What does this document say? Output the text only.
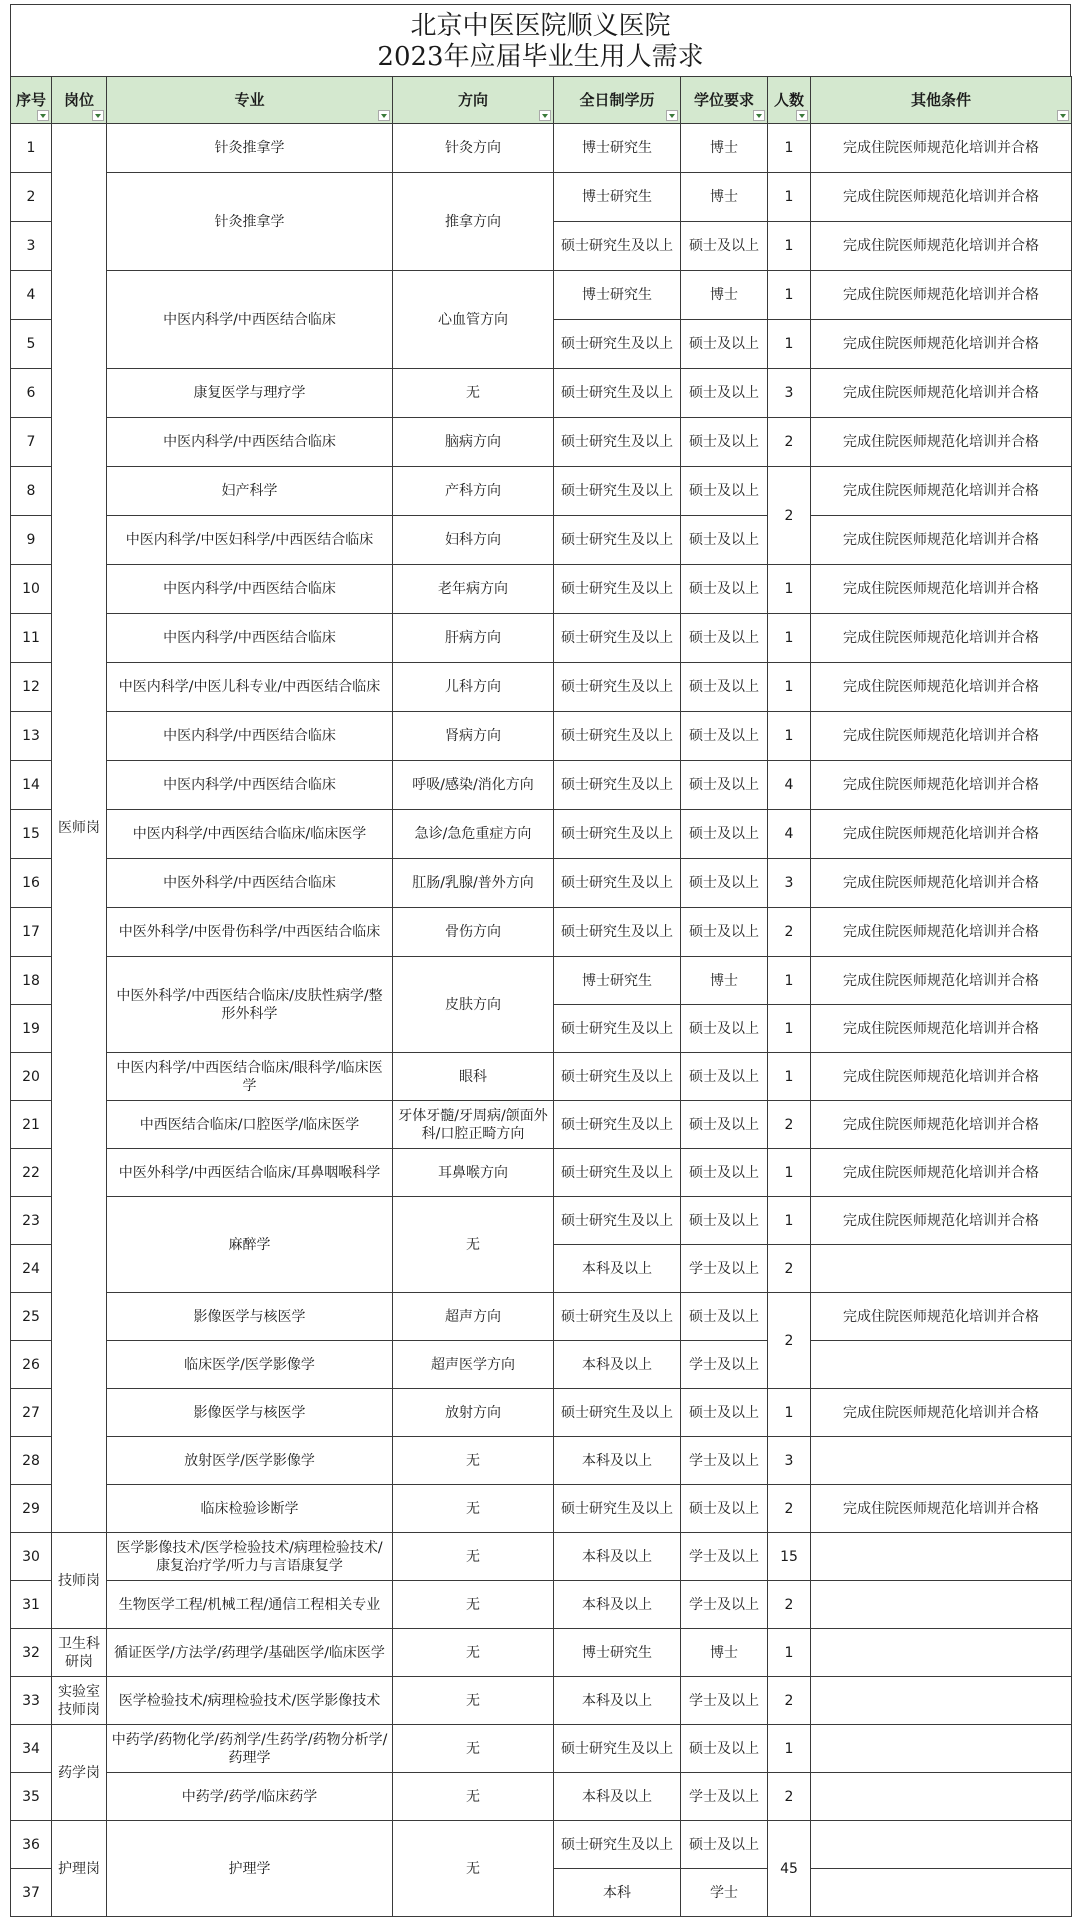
北京中医医院顺义医院
2023年应届毕业生用人需求
序号	岗位	专业	方向	全日制学历	学位要求	人数	其他条件

1	医师岗	针灸推拿学	针灸方向	博士研究生	博士	1	完成住院医师规范化培训并合格
2		针灸推拿学	推拿方向	博士研究生	博士	1	完成住院医师规范化培训并合格
3				硕士研究生及以上	硕士及以上	1	完成住院医师规范化培训并合格
4		中医内科学/中西医结合临床	心血管方向	博士研究生	博士	1	完成住院医师规范化培训并合格
5				硕士研究生及以上	硕士及以上	1	完成住院医师规范化培训并合格
6		康复医学与理疗学	无	硕士研究生及以上	硕士及以上	3	完成住院医师规范化培训并合格
7		中医内科学/中西医结合临床	脑病方向	硕士研究生及以上	硕士及以上	2	完成住院医师规范化培训并合格
8		妇产科学	产科方向	硕士研究生及以上	硕士及以上	2	完成住院医师规范化培训并合格
9		中医内科学/中医妇科学/中西医结合临床	妇科方向	硕士研究生及以上	硕士及以上		完成住院医师规范化培训并合格
10		中医内科学/中西医结合临床	老年病方向	硕士研究生及以上	硕士及以上	1	完成住院医师规范化培训并合格
11		中医内科学/中西医结合临床	肝病方向	硕士研究生及以上	硕士及以上	1	完成住院医师规范化培训并合格
12		中医内科学/中医儿科专业/中西医结合临床	儿科方向	硕士研究生及以上	硕士及以上	1	完成住院医师规范化培训并合格
13		中医内科学/中西医结合临床	肾病方向	硕士研究生及以上	硕士及以上	1	完成住院医师规范化培训并合格
14		中医内科学/中西医结合临床	呼吸/感染/消化方向	硕士研究生及以上	硕士及以上	4	完成住院医师规范化培训并合格
15		中医内科学/中西医结合临床/临床医学	急诊/急危重症方向	硕士研究生及以上	硕士及以上	4	完成住院医师规范化培训并合格
16		中医外科学/中西医结合临床	肛肠/乳腺/普外方向	硕士研究生及以上	硕士及以上	3	完成住院医师规范化培训并合格
17		中医外科学/中医骨伤科学/中西医结合临床	骨伤方向	硕士研究生及以上	硕士及以上	2	完成住院医师规范化培训并合格
18		中医外科学/中西医结合临床/皮肤性病学/整形外科学	皮肤方向	博士研究生	博士	1	完成住院医师规范化培训并合格
19				硕士研究生及以上	硕士及以上	1	完成住院医师规范化培训并合格
20		中医内科学/中西医结合临床/眼科学/临床医学	眼科	硕士研究生及以上	硕士及以上	1	完成住院医师规范化培训并合格
21		中西医结合临床/口腔医学/临床医学	牙体牙髓/牙周病/颌面外科/口腔正畸方向	硕士研究生及以上	硕士及以上	2	完成住院医师规范化培训并合格
22		中医外科学/中西医结合临床/耳鼻咽喉科学	耳鼻喉方向	硕士研究生及以上	硕士及以上	1	完成住院医师规范化培训并合格
23		麻醉学	无	硕士研究生及以上	硕士及以上	1	完成住院医师规范化培训并合格
24				本科及以上	学士及以上	2	
25		影像医学与核医学	超声方向	硕士研究生及以上	硕士及以上	2	完成住院医师规范化培训并合格
26		临床医学/医学影像学	超声医学方向	本科及以上	学士及以上		
27		影像医学与核医学	放射方向	硕士研究生及以上	硕士及以上	1	完成住院医师规范化培训并合格
28		放射医学/医学影像学	无	本科及以上	学士及以上	3	
29		临床检验诊断学	无	硕士研究生及以上	硕士及以上	2	完成住院医师规范化培训并合格
30	技师岗	医学影像技术/医学检验技术/病理检验技术/康复治疗学/听力与言语康复学	无	本科及以上	学士及以上	15	
31		生物医学工程/机械工程/通信工程相关专业	无	本科及以上	学士及以上	2	
32	卫生科研岗	循证医学/方法学/药理学/基础医学/临床医学	无	博士研究生	博士	1	
33	实验室技师岗	医学检验技术/病理检验技术/医学影像技术	无	本科及以上	学士及以上	2	
34	药学岗	中药学/药物化学/药剂学/生药学/药物分析学/药理学	无	硕士研究生及以上	硕士及以上	1	
35		中药学/药学/临床药学	无	本科及以上	学士及以上	2	
36	护理岗	护理学	无	硕士研究生及以上	硕士及以上	45	
37				本科	学士		
